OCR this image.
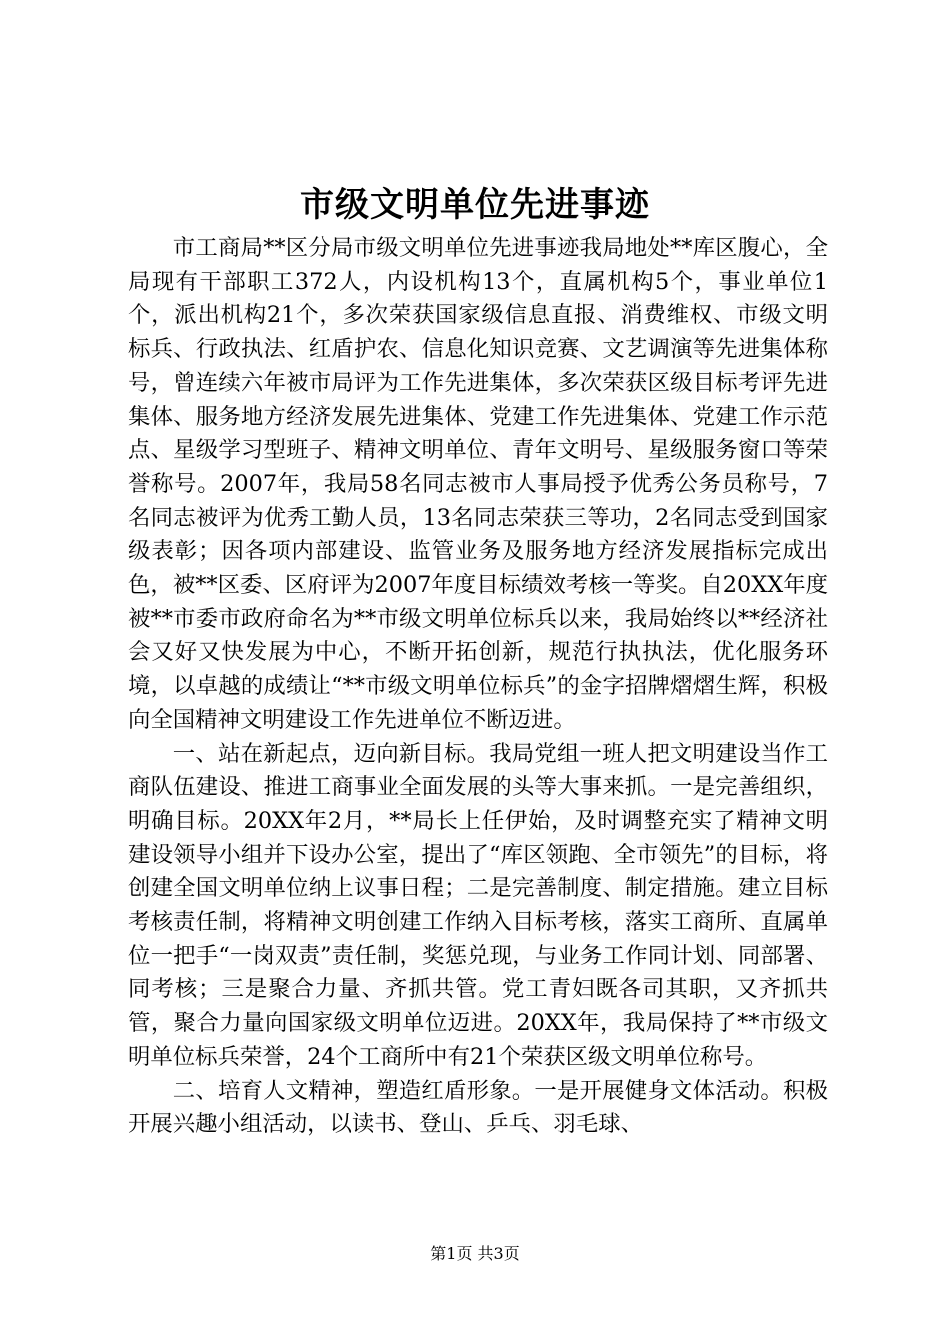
市级文明单位先进事迹

市工商局**区分局市级文明单位先进事迹我局地处**库区腹心，全局现有干部职工372人，内设机构13个，直属机构5个，事业单位1个，派出机构21个，多次荣获国家级信息直报、消费维权、市级文明标兵、行政执法、红盾护农、信息化知识竞赛、文艺调演等先进集体称号，曾连续六年被市局评为工作先进集体，多次荣获区级目标考评先进集体、服务地方经济发展先进集体、党建工作先进集体、党建工作示范点、星级学习型班子、精神文明单位、青年文明号、星级服务窗口等荣誉称号。2007年，我局58名同志被市人事局授予优秀公务员称号，7名同志被评为优秀工勤人员，13名同志荣获三等功，2名同志受到国家级表彰；因各项内部建设、监管业务及服务地方经济发展指标完成出色，被**区委、区府评为2007年度目标绩效考核一等奖。自20XX年度被**市委市政府命名为**市级文明单位标兵以来，我局始终以**经济社会又好又快发展为中心，不断开拓创新，规范行执执法，优化服务环境，以卓越的成绩让“**市级文明单位标兵”的金字招牌熠熠生辉，积极向全国精神文明建设工作先进单位不断迈进。

一、站在新起点，迈向新目标。我局党组一班人把文明建设当作工商队伍建设、推进工商事业全面发展的头等大事来抓。一是完善组织，明确目标。20XX年2月，**局长上任伊始，及时调整充实了精神文明建设领导小组并下设办公室，提出了“库区领跑、全市领先”的目标，将创建全国文明单位纳上议事日程；二是完善制度、制定措施。建立目标考核责任制，将精神文明创建工作纳入目标考核，落实工商所、直属单位一把手“一岗双责”责任制，奖惩兑现，与业务工作同计划、同部署、同考核；三是聚合力量、齐抓共管。党工青妇既各司其职，又齐抓共管，聚合力量向国家级文明单位迈进。20XX年，我局保持了**市级文明单位标兵荣誉，24个工商所中有21个荣获区级文明单位称号。

二、培育人文精神，塑造红盾形象。一是开展健身文体活动。积极开展兴趣小组活动，以读书、登山、乒乓、羽毛球、

第1页 共3页
